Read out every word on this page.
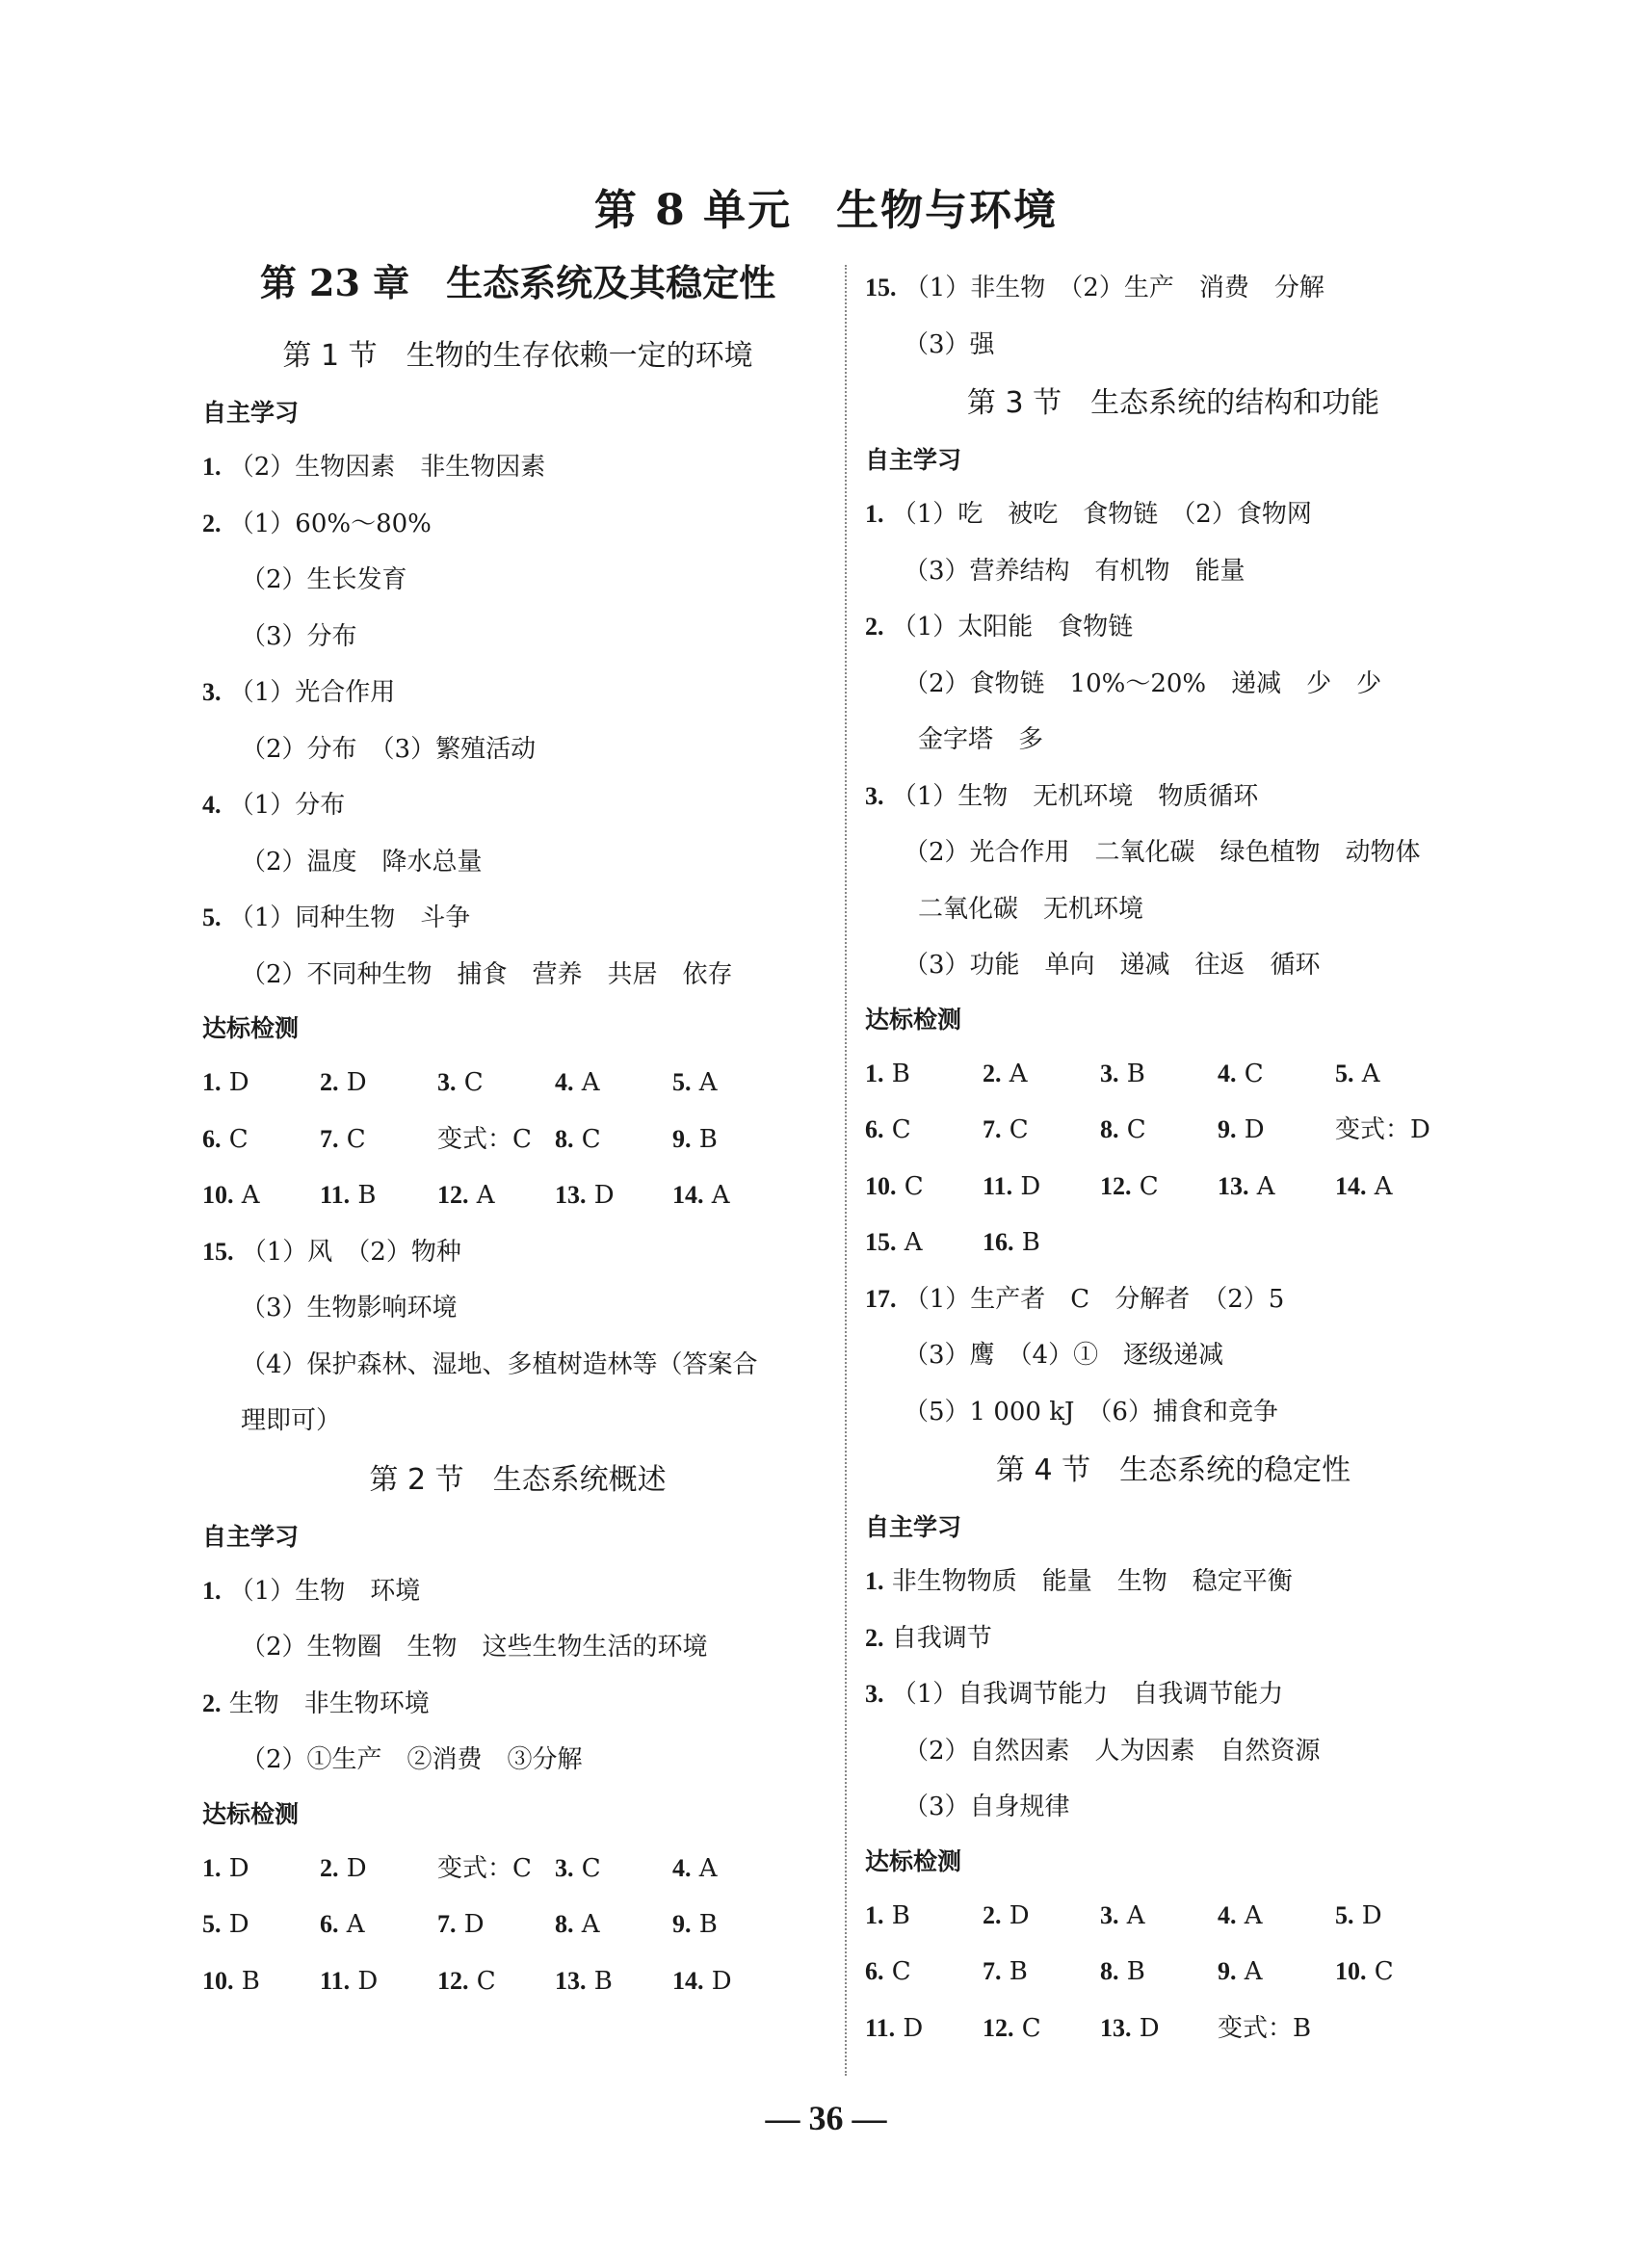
第 8 单元　生物与环境
第 23 章　生态系统及其稳定性
第 1 节　生物的生存依赖一定的环境
自主学习
1. （2）生物因素　非生物因素
2. （1）60%～80%
（2）生长发育
（3）分布
3. （1）光合作用
（2）分布　（3）繁殖活动
4. （1）分布
（2）温度　降水总量
5. （1）同种生物　斗争
（2）不同种生物　捕食　营养　共居　依存
达标检测
1. D	2. D	3. C	4. A	5. A
6. C	7. C	变式：C 8. C	9. B
10. A	11. B	12. A	13. D	14. A
15. （1）风　（2）物种
（3）生物影响环境
（4）保护森林、湿地、多植树造林等（答案合
理即可）
第 2 节　生态系统概述
自主学习
1. （1）生物　环境
（2）生物圈　生物　这些生物生活的环境
2. 生物　非生物环境
（2）①生产　②消费　③分解
达标检测
1. D	2. D	变式：C 3. C	4. A
5. D	6. A	7. D	8. A	9. B
10. B	11. D	12. C	13. B	14. D
15. （1）非生物　（2）生产　消费　分解
（3）强
第 3 节　生态系统的结构和功能
自主学习
1. （1）吃　被吃　食物链　（2）食物网
（3）营养结构　有机物　能量
2. （1）太阳能　食物链
（2）食物链　10%～20%　递减　少　少
金字塔　多
3. （1）生物　无机环境　物质循环
（2）光合作用　二氧化碳　绿色植物　动物体
二氧化碳　无机环境
（3）功能　单向　递减　往返　循环
达标检测
1. B	2. A	3. B	4. C	5. A
6. C	7. C	8. C	9. D	变式：D
10. C	11. D	12. C	13. A	14. A
15. A	16. B
17. （1）生产者　C　分解者　（2）5
（3）鹰　（4）①　逐级递减
（5）1 000 kJ　（6）捕食和竞争
第 4 节　生态系统的稳定性
自主学习
1. 非生物物质　能量　生物　稳定平衡
2. 自我调节
3. （1）自我调节能力　自我调节能力
（2）自然因素　人为因素　自然资源
（3）自身规律
达标检测
1. B	2. D	3. A	4. A	5. D
6. C	7. B	8. B	9. A	10. C
11. D	12. C	13. D	变式：B
— 36 —
